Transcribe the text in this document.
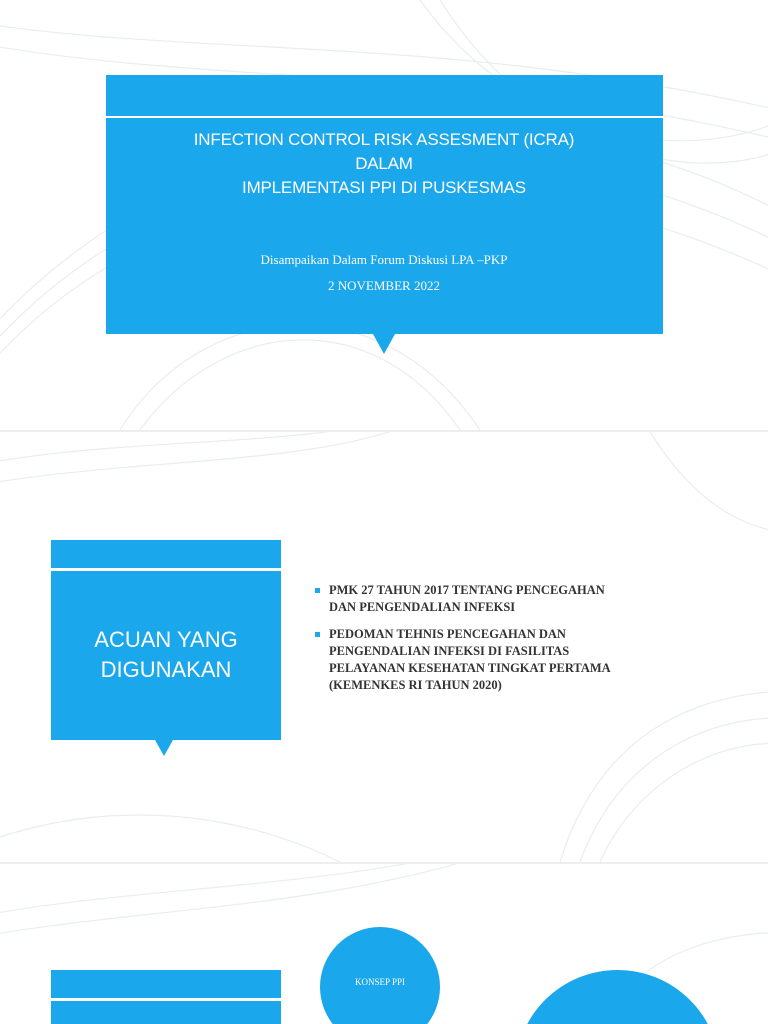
INFECTION CONTROL RISK ASSESMENT (ICRA)
DALAM
IMPLEMENTASI PPI DI PUSKESMAS
Disampaikan Dalam Forum Diskusi LPA –PKP
2 NOVEMBER 2022
ACUAN YANG
DIGUNAKAN
PMK 27 TAHUN 2017 TENTANG PENCEGAHAN
DAN PENGENDALIAN INFEKSI
PEDOMAN TEHNIS PENCEGAHAN DAN
PENGENDALIAN INFEKSI DI FASILITAS
PELAYANAN KESEHATAN TINGKAT PERTAMA
(KEMENKES RI TAHUN 2020)
KONSEP PPI
